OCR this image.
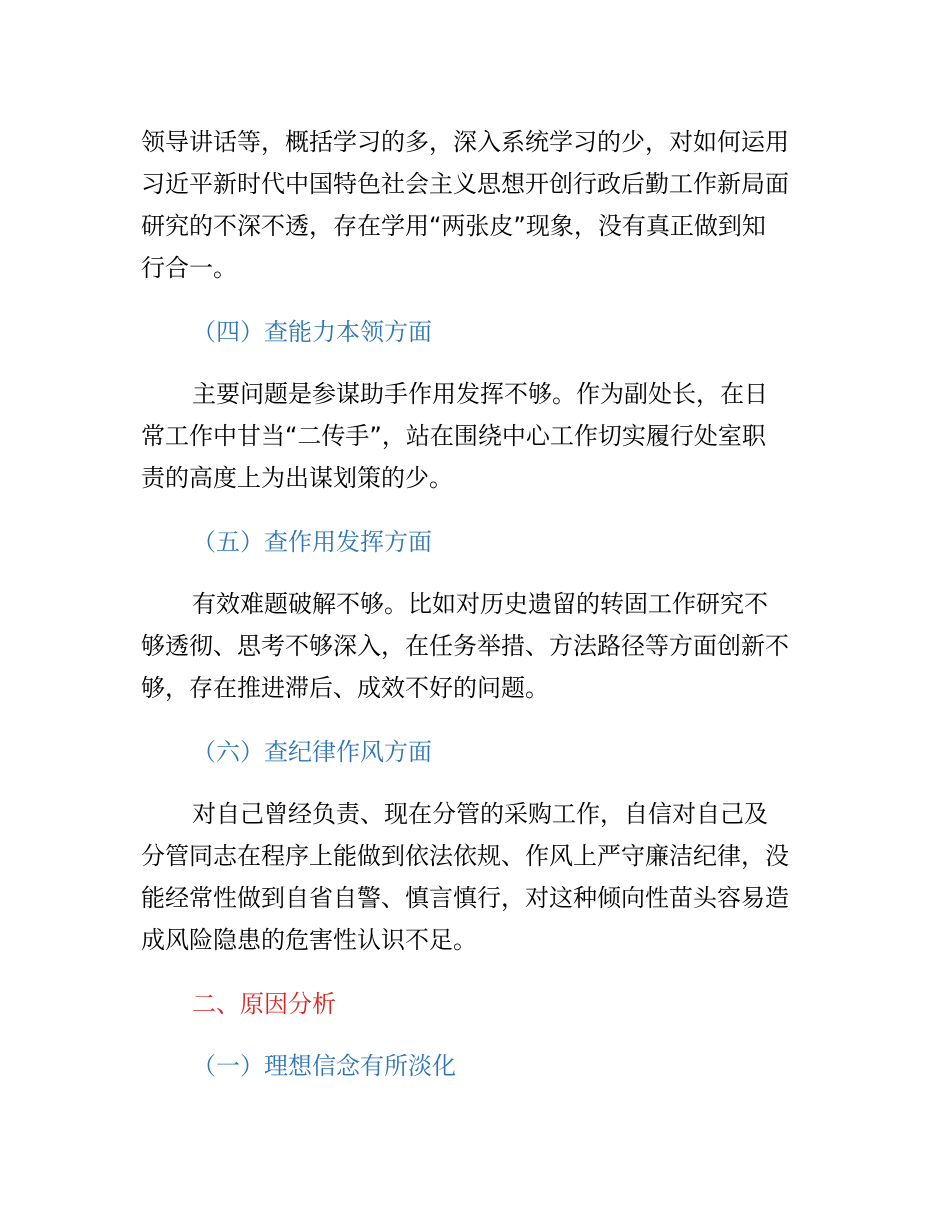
领导讲话等，概括学习的多，深入系统学习的少，对如何运用
习近平新时代中国特色社会主义思想开创行政后勤工作新局面
研究的不深不透，存在学用“两张皮”现象，没有真正做到知
行合一。
（四）查能力本领方面
主要问题是参谋助手作用发挥不够。作为副处长，在日
常工作中甘当“二传手”，站在围绕中心工作切实履行处室职
责的高度上为出谋划策的少。
（五）查作用发挥方面
有效难题破解不够。比如对历史遗留的转固工作研究不
够透彻、思考不够深入，在任务举措、方法路径等方面创新不
够，存在推进滞后、成效不好的问题。
（六）查纪律作风方面
对自己曾经负责、现在分管的采购工作，自信对自己及
分管同志在程序上能做到依法依规、作风上严守廉洁纪律，没
能经常性做到自省自警、慎言慎行，对这种倾向性苗头容易造
成风险隐患的危害性认识不足。
二、原因分析
（一）理想信念有所淡化
